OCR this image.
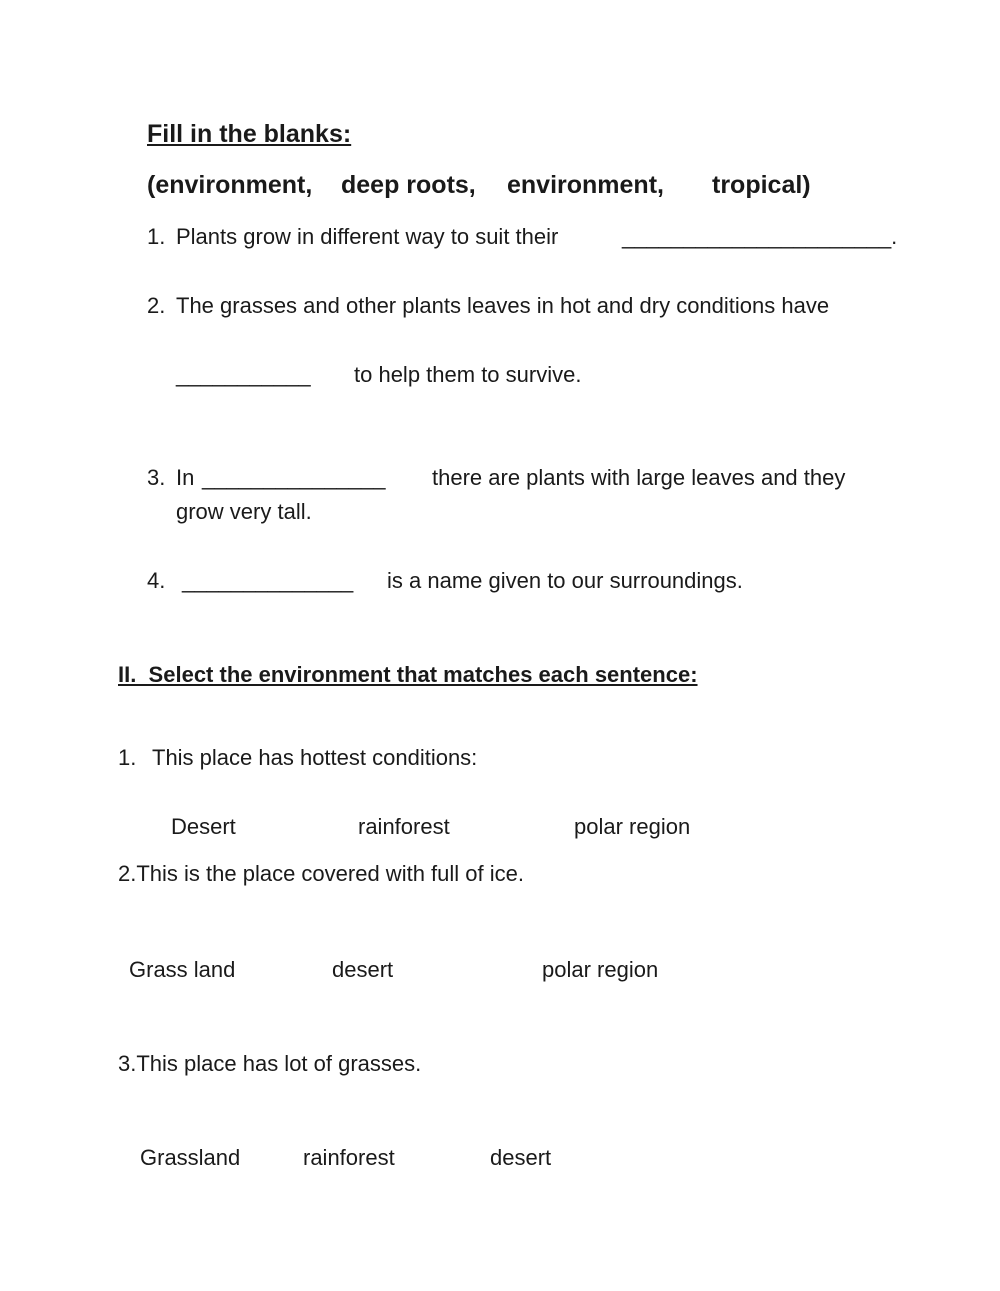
Fill in the blanks:
(environment, deep roots, environment, tropical)
1. Plants grow in different way to suit their	______________________.
2. The grasses and other plants leaves in hot and dry conditions have
___________ to help them to survive.
3. In _______________ there are plants with large leaves and they
grow very tall.
4. ______________ is a name given to our surroundings.
II.  Select the environment that matches each sentence:
1. This place has hottest conditions:
Desert	rainforest	polar region
2.This is the place covered with full of ice.
Grass land	desert	polar region
3.This place has lot of grasses.
Grassland	rainforest	desert
